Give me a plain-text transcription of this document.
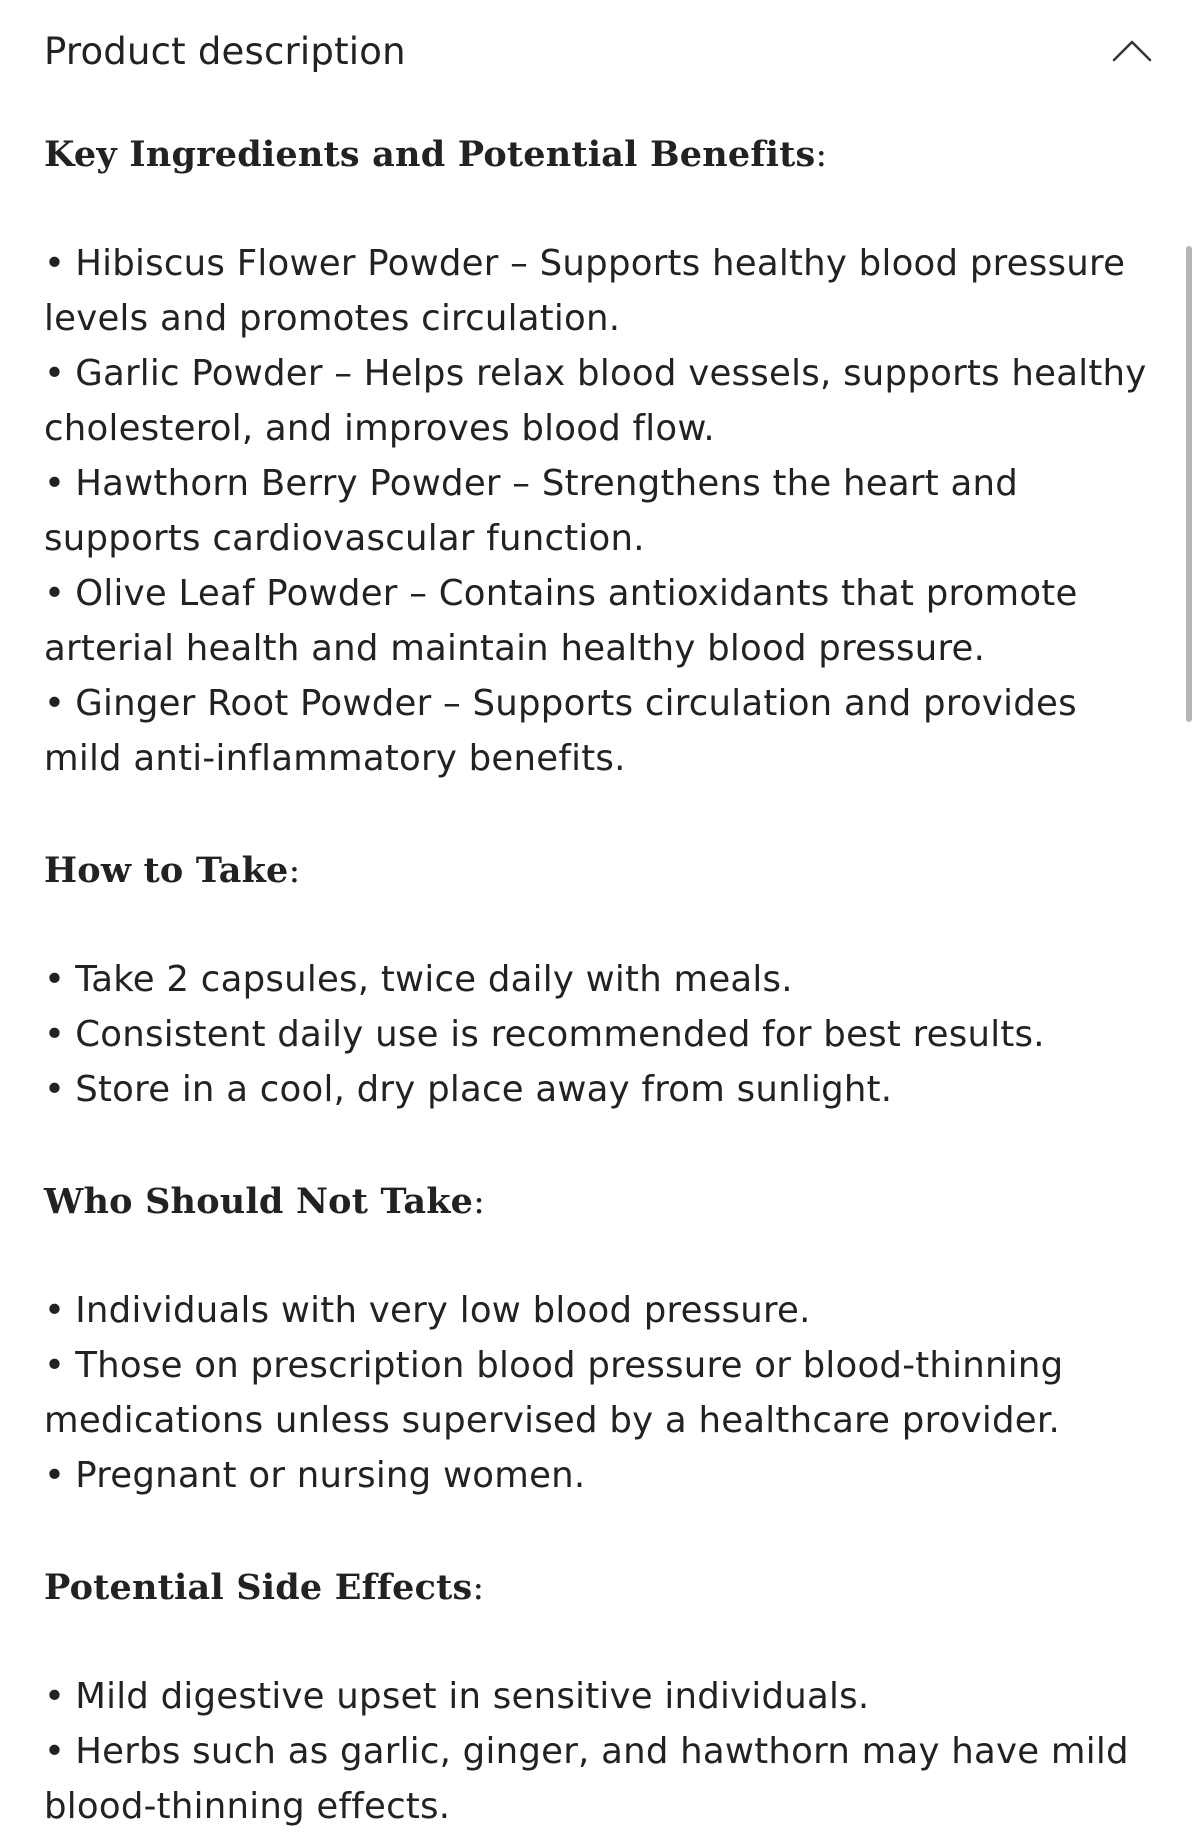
Product description
Key Ingredients and Potential Benefits:
• Hibiscus Flower Powder – Supports healthy blood pressure levels and promotes circulation.
• Garlic Powder – Helps relax blood vessels, supports healthy cholesterol, and improves blood flow.
• Hawthorn Berry Powder – Strengthens the heart and supports cardiovascular function.
• Olive Leaf Powder – Contains antioxidants that promote arterial health and maintain healthy blood pressure.
• Ginger Root Powder – Supports circulation and provides mild anti-inflammatory benefits.
How to Take:
• Take 2 capsules, twice daily with meals.
• Consistent daily use is recommended for best results.
• Store in a cool, dry place away from sunlight.
Who Should Not Take:
• Individuals with very low blood pressure.
• Those on prescription blood pressure or blood-thinning medications unless supervised by a healthcare provider.
• Pregnant or nursing women.
Potential Side Effects:
• Mild digestive upset in sensitive individuals.
• Herbs such as garlic, ginger, and hawthorn may have mild blood-thinning effects.
